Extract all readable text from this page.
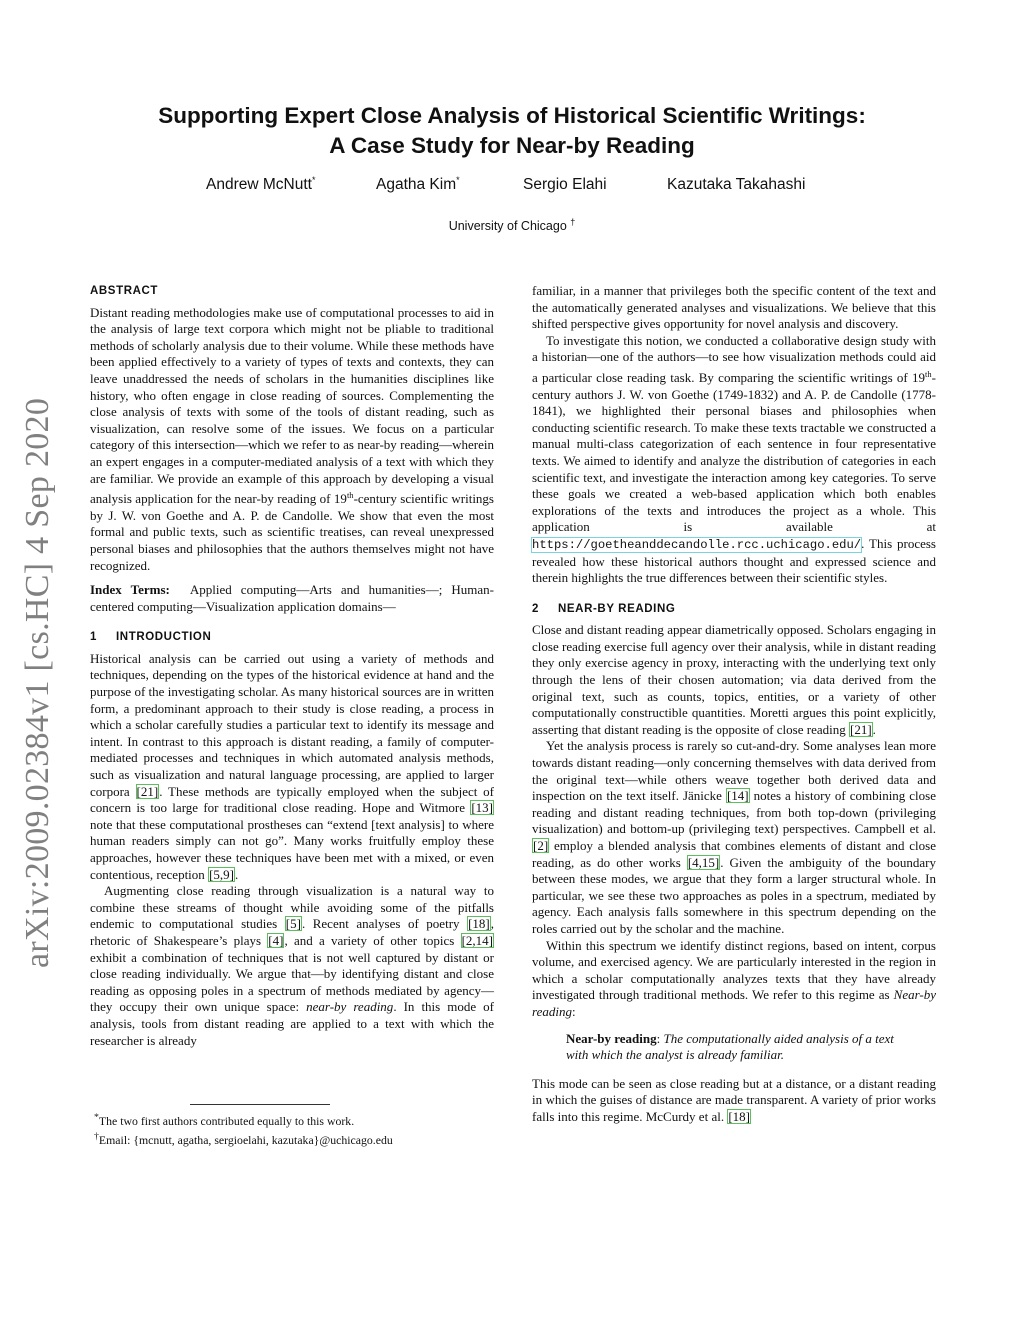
arXiv:2009.02384v1 [cs.HC] 4 Sep 2020
Supporting Expert Close Analysis of Historical Scientific Writings:
A Case Study for Near-by Reading
Andrew McNutt*	Agatha Kim*	Sergio Elahi	Kazutaka Takahashi
University of Chicago †
ABSTRACT

Distant reading methodologies make use of computational processes to aid in the analysis of large text corpora which might not be pliable to traditional methods of scholarly analysis due to their volume. While these methods have been applied effectively to a variety of types of texts and contexts, they can leave unaddressed the needs of scholars in the humanities disciplines like history, who often engage in close reading of sources. Complementing the close analysis of texts with some of the tools of distant reading, such as visualization, can resolve some of the issues. We focus on a particular category of this intersection—which we refer to as near-by reading—wherein an expert engages in a computer-mediated analysis of a text with which they are familiar. We provide an example of this approach by developing a visual analysis application for the near-by reading of 19th-century scientific writings by J. W. von Goethe and A. P. de Candolle. We show that even the most formal and public texts, such as scientific treatises, can reveal unexpressed personal biases and philosophies that the authors themselves might not have recognized.

Index Terms: Applied computing—Arts and humanities—; Human-centered computing—Visualization application domains—

1 INTRODUCTION

Historical analysis can be carried out using a variety of methods and techniques, depending on the types of the historical evidence at hand and the purpose of the investigating scholar. As many historical sources are in written form, a predominant approach to their study is close reading, a process in which a scholar carefully studies a particular text to identify its message and intent. In contrast to this approach is distant reading, a family of computer-mediated processes and techniques in which automated analysis methods, such as visualization and natural language processing, are applied to larger corpora [21]. These methods are typically employed when the subject of concern is too large for traditional close reading. Hope and Witmore [13] note that these computational prostheses can “extend [text analysis] to where human readers simply can not go”. Many works fruitfully employ these approaches, however these techniques have been met with a mixed, or even contentious, reception [5,9].

Augmenting close reading through visualization is a natural way to combine these streams of thought while avoiding some of the pitfalls endemic to computational studies [5]. Recent analyses of poetry [18], rhetoric of Shakespeare’s plays [4], and a variety of other topics [2,14] exhibit a combination of techniques that is not well captured by distant or close reading individually. We argue that—by identifying distant and close reading as opposing poles in a spectrum of methods mediated by agency—they occupy their own unique space: near-by reading. In this mode of analysis, tools from distant reading are applied to a text with which the researcher is already

*The two first authors contributed equally to this work.

†Email: {mcnutt, agatha, sergioelahi, kazutaka}@uchicago.edu

familiar, in a manner that privileges both the specific content of the text and the automatically generated analyses and visualizations. We believe that this shifted perspective gives opportunity for novel analysis and discovery.

To investigate this notion, we conducted a collaborative design study with a historian—one of the authors—to see how visualization methods could aid a particular close reading task. By comparing the scientific writings of 19th-century authors J. W. von Goethe (1749-1832) and A. P. de Candolle (1778-1841), we highlighted their personal biases and philosophies when conducting scientific research. To make these texts tractable we constructed a manual multi-class categorization of each sentence in four representative texts. We aimed to identify and analyze the distribution of categories in each scientific text, and investigate the interaction among key categories. To serve these goals we created a web-based application which both enables explorations of the texts and introduces the project as a whole. This application is available at https://goetheanddecandolle.rcc.uchicago.edu/. This process revealed how these historical authors thought and expressed science and therein highlights the true differences between their scientific styles.

2 NEAR-BY READING

Close and distant reading appear diametrically opposed. Scholars engaging in close reading exercise full agency over their analysis, while in distant reading they only exercise agency in proxy, interacting with the underlying text only through the lens of their chosen automation; via data derived from the original text, such as counts, topics, entities, or a variety of other computationally constructible quantities. Moretti argues this point explicitly, asserting that distant reading is the opposite of close reading [21].

Yet the analysis process is rarely so cut-and-dry. Some analyses lean more towards distant reading—only concerning themselves with data derived from the original text—while others weave together both derived data and inspection on the text itself. Jänicke [14] notes a history of combining close reading and distant reading techniques, from both top-down (privileging visualization) and bottom-up (privileging text) perspectives. Campbell et al. [2] employ a blended analysis that combines elements of distant and close reading, as do other works [4,15]. Given the ambiguity of the boundary between these modes, we argue that they form a larger structural whole. In particular, we see these two approaches as poles in a spectrum, mediated by agency. Each analysis falls somewhere in this spectrum depending on the roles carried out by the scholar and the machine.

Within this spectrum we identify distinct regions, based on intent, corpus volume, and exercised agency. We are particularly interested in the region in which a scholar computationally analyzes texts that they have already investigated through traditional methods. We refer to this regime as Near-by reading:

Near-by reading: The computationally aided analysis of a text with which the analyst is already familiar.

This mode can be seen as close reading but at a distance, or a distant reading in which the guises of distance are made transparent. A variety of prior works falls into this regime. McCurdy et al. [18]
